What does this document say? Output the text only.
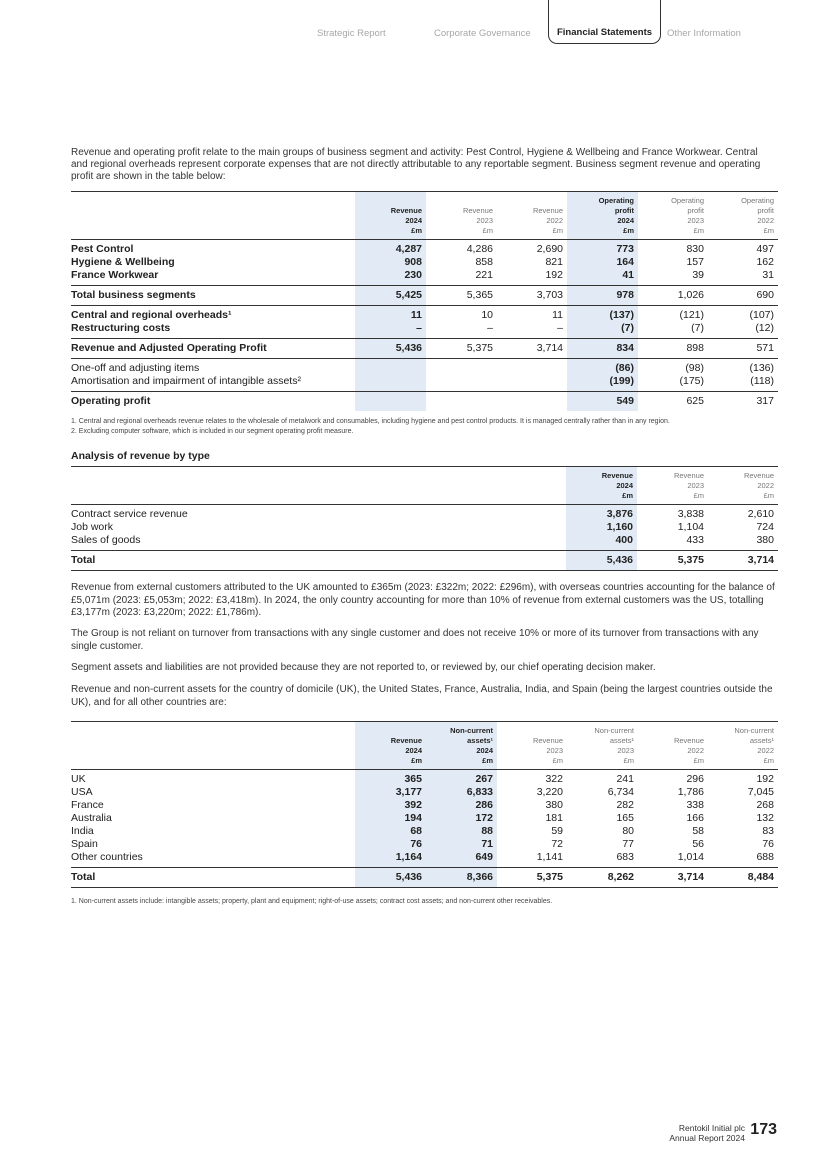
Strategic Report	Corporate Governance	Financial Statements	Other Information
Revenue and operating profit relate to the main groups of business segment and activity: Pest Control, Hygiene & Wellbeing and France Workwear. Central and regional overheads represent corporate expenses that are not directly attributable to any reportable segment. Business segment revenue and operating profit are shown in the table below:
	Revenue
2024
£m	Revenue
2023
£m	Revenue
2022
£m	Operating
profit
2024
£m	Operating
profit
2023
£m	Operating
profit
2022
£m
Pest Control	4,287	4,286	2,690	773	830	497
Hygiene & Wellbeing	908	858	821	164	157	162
France Workwear	230	221	192	41	39	31
Total business segments	5,425	5,365	3,703	978	1,026	690
Central and regional overheads¹	11	10	11	(137)	(121)	(107)
Restructuring costs	–	–	–	(7)	(7)	(12)
Revenue and Adjusted Operating Profit	5,436	5,375	3,714	834	898	571
One-off and adjusting items				(86)	(98)	(136)
Amortisation and impairment of intangible assets²				(199)	(175)	(118)
Operating profit				549	625	317
1. Central and regional overheads revenue relates to the wholesale of metalwork and consumables, including hygiene and pest control products. It is managed centrally rather than in any region.
2. Excluding computer software, which is included in our segment operating profit measure.
Analysis of revenue by type
	Revenue
2024
£m	Revenue
2023
£m	Revenue
2022
£m
Contract service revenue	3,876	3,838	2,610
Job work	1,160	1,104	724
Sales of goods	400	433	380
Total	5,436	5,375	3,714
Revenue from external customers attributed to the UK amounted to £365m (2023: £322m; 2022: £296m), with overseas countries accounting for the balance of £5,071m (2023: £5,053m; 2022: £3,418m). In 2024, the only country accounting for more than 10% of revenue from external customers was the US, totalling £3,177m (2023: £3,220m; 2022: £1,786m).
The Group is not reliant on turnover from transactions with any single customer and does not receive 10% or more of its turnover from transactions with any single customer.
Segment assets and liabilities are not provided because they are not reported to, or reviewed by, our chief operating decision maker.
Revenue and non-current assets for the country of domicile (UK), the United States, France, Australia, India, and Spain (being the largest countries outside the UK), and for all other countries are:
	Revenue
2024
£m	Non-current
assets¹
2024
£m	Revenue
2023
£m	Non-current
assets¹
2023
£m	Revenue
2022
£m	Non-current
assets¹
2022
£m
UK	365	267	322	241	296	192
USA	3,177	6,833	3,220	6,734	1,786	7,045
France	392	286	380	282	338	268
Australia	194	172	181	165	166	132
India	68	88	59	80	58	83
Spain	76	71	72	77	56	76
Other countries	1,164	649	1,141	683	1,014	688
Total	5,436	8,366	5,375	8,262	3,714	8,484
1. Non-current assets include: intangible assets; property, plant and equipment; right-of-use assets; contract cost assets; and non-current other receivables.
Rentokil Initial plc
Annual Report 2024 173
